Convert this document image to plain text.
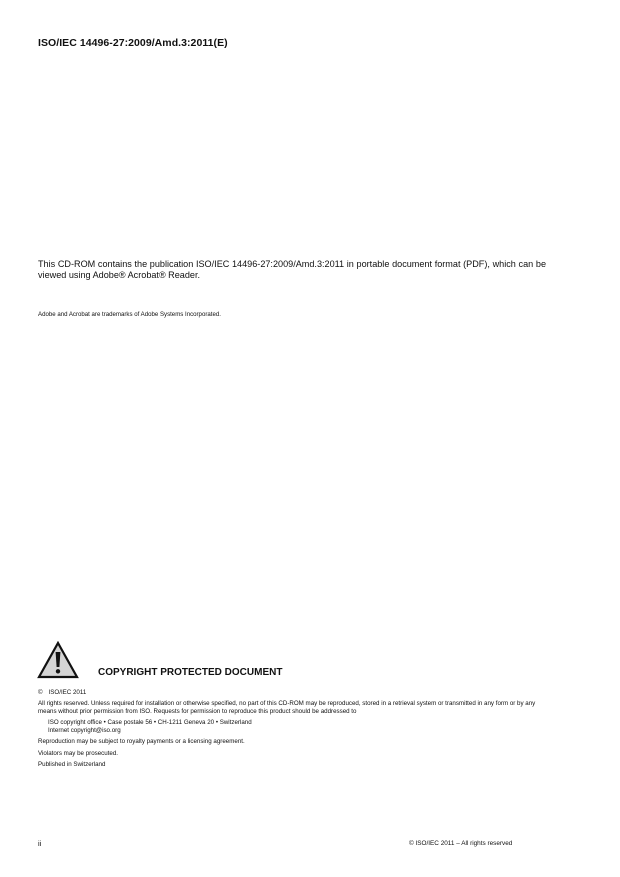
ISO/IEC 14496-27:2009/Amd.3:2011(E)
This CD-ROM contains the publication ISO/IEC 14496-27:2009/Amd.3:2011 in portable document format (PDF), which can be viewed using Adobe® Acrobat® Reader.
Adobe and Acrobat are trademarks of Adobe Systems Incorporated.
COPYRIGHT PROTECTED DOCUMENT
© ISO/IEC 2011
All rights reserved. Unless required for installation or otherwise specified, no part of this CD-ROM may be reproduced, stored in a retrieval system or transmitted in any form or by any means without prior permission from ISO. Requests for permission to reproduce this product should be addressed to
ISO copyright office • Case postale 56 • CH-1211 Geneva 20 • Switzerland
Internet copyright@iso.org
Reproduction may be subject to royalty payments or a licensing agreement.
Violators may be prosecuted.
Published in Switzerland
ii	© ISO/IEC 2011 – All rights reserved
